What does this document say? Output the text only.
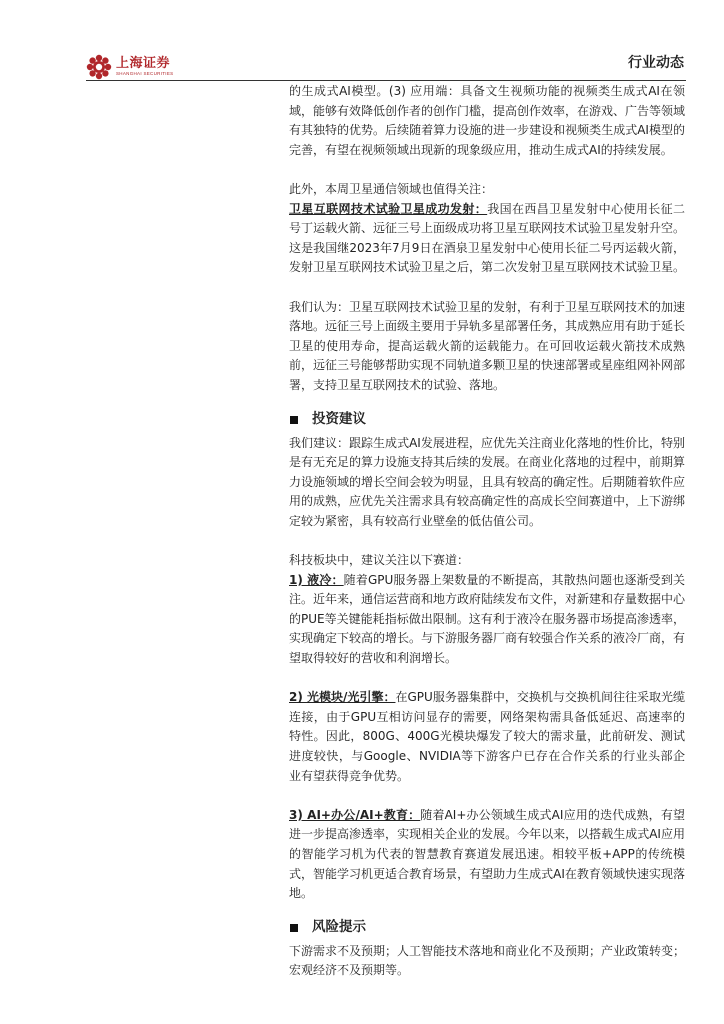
上海证券
SHANGHAI SECURITIES
行业动态

的生成式AI模型。(3) 应用端：具备文生视频功能的视频类生成式AI在领域，能够有效降低创作者的创作门槛，提高创作效率，在游戏、广告等领域有其独特的优势。后续随着算力设施的进一步建设和视频类生成式AI模型的完善，有望在视频领域出现新的现象级应用，推动生成式AI的持续发展。

此外，本周卫星通信领域也值得关注：

卫星互联网技术试验卫星成功发射：我国在西昌卫星发射中心使用长征二号丁运载火箭、远征三号上面级成功将卫星互联网技术试验卫星发射升空。这是我国继2023年7月9日在酒泉卫星发射中心使用长征二号丙运载火箭，发射卫星互联网技术试验卫星之后，第二次发射卫星互联网技术试验卫星。

我们认为：卫星互联网技术试验卫星的发射，有利于卫星互联网技术的加速落地。远征三号上面级主要用于异轨多星部署任务，其成熟应用有助于延长卫星的使用寿命，提高运载火箭的运载能力。在可回收运载火箭技术成熟前，远征三号能够帮助实现不同轨道多颗卫星的快速部署或星座组网补网部署，支持卫星互联网技术的试验、落地。

投资建议

我们建议：跟踪生成式AI发展进程，应优先关注商业化落地的性价比，特别是有无充足的算力设施支持其后续的发展。在商业化落地的过程中，前期算力设施领域的增长空间会较为明显，且具有较高的确定性。后期随着软件应用的成熟，应优先关注需求具有较高确定性的高成长空间赛道中，上下游绑定较为紧密，具有较高行业壁垒的低估值公司。

科技板块中，建议关注以下赛道：

1) 液冷：随着GPU服务器上架数量的不断提高，其散热问题也逐渐受到关注。近年来，通信运营商和地方政府陆续发布文件，对新建和存量数据中心的PUE等关键能耗指标做出限制。这有利于液冷在服务器市场提高渗透率，实现确定下较高的增长。与下游服务器厂商有较强合作关系的液冷厂商，有望取得较好的营收和利润增长。

2) 光模块/光引擎：在GPU服务器集群中，交换机与交换机间往往采取光缆连接，由于GPU互相访问显存的需要，网络架构需具备低延迟、高速率的特性。因此，800G、400G光模块爆发了较大的需求量，此前研发、测试进度较快，与Google、NVIDIA等下游客户已存在合作关系的行业头部企业有望获得竞争优势。

3) AI+办公/AI+教育：随着AI+办公领域生成式AI应用的迭代成熟，有望进一步提高渗透率，实现相关企业的发展。今年以来，以搭载生成式AI应用的智能学习机为代表的智慧教育赛道发展迅速。相较平板+APP的传统模式，智能学习机更适合教育场景，有望助力生成式AI在教育领域快速实现落地。

风险提示

下游需求不及预期；人工智能技术落地和商业化不及预期；产业政策转变；宏观经济不及预期等。
